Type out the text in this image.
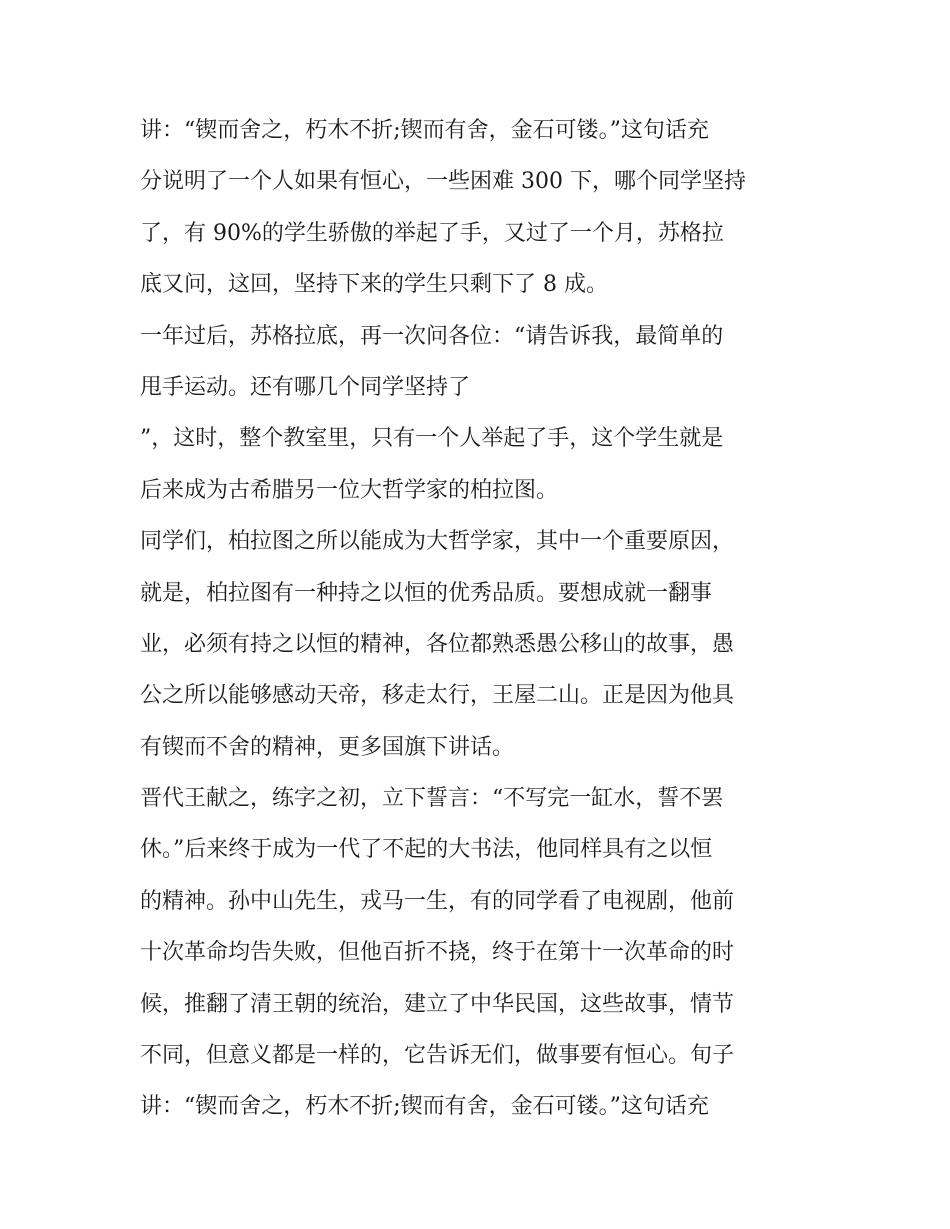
讲：“锲而舍之，朽木不折;锲而有舍，金石可镂。”这句话充
分说明了一个人如果有恒心，一些困难 300 下，哪个同学坚持
了，有 90%的学生骄傲的举起了手，又过了一个月，苏格拉
底又问，这回，坚持下来的学生只剩下了 8 成。
一年过后，苏格拉底，再一次问各位：“请告诉我，最简单的
甩手运动。还有哪几个同学坚持了
”，这时，整个教室里，只有一个人举起了手，这个学生就是
后来成为古希腊另一位大哲学家的柏拉图。
同学们，柏拉图之所以能成为大哲学家，其中一个重要原因，
就是，柏拉图有一种持之以恒的优秀品质。要想成就一翻事
业，必须有持之以恒的精神，各位都熟悉愚公移山的故事，愚
公之所以能够感动天帝，移走太行，王屋二山。正是因为他具
有锲而不舍的精神，更多国旗下讲话。
晋代王献之，练字之初，立下誓言：“不写完一缸水，誓不罢
休。”后来终于成为一代了不起的大书法，他同样具有之以恒
的精神。孙中山先生，戎马一生，有的同学看了电视剧，他前
十次革命均告失败，但他百折不挠，终于在第十一次革命的时
候，推翻了清王朝的统治，建立了中华民国，这些故事，情节
不同，但意义都是一样的，它告诉无们，做事要有恒心。旬子
讲：“锲而舍之，朽木不折;锲而有舍，金石可镂。”这句话充
